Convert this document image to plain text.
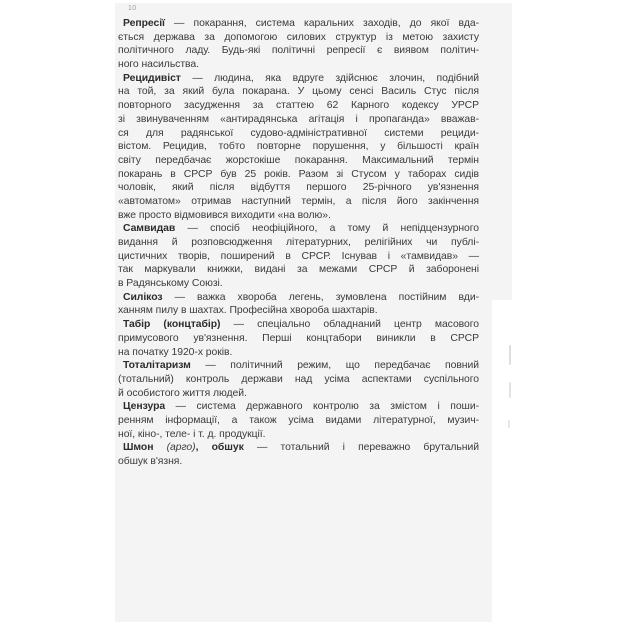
10
Репресії — покарання, система каральних заходів, до якої вда-
ється держава за допомогою силових структур із метою захисту
політичного ладу. Будь-які політичні репресії є виявом політич-
ного насильства.
Рецидивіст — людина, яка вдруге здійснює злочин, подібний
на той, за який була покарана. У цьому сенсі Василь Стус після
повторного засудження за статтею 62 Карного кодексу УРСР
зі звинуваченням «антирадянська агітація і пропаганда» вважав-
ся для радянської судово-адміністративної системи рециди-
вістом. Рецидив, тобто повторне порушення, у більшості країн
світу передбачає жорстокіше покарання. Максимальний термін
покарань в СРСР був 25 років. Разом зі Стусом у таборах сидів
чоловік, який після відбуття першого 25-річного ув'язнення
«автоматом» отримав наступний термін, а після його закінчення
вже просто відмовився виходити «на волю».
Самвидав — спосіб неофіційного, а тому й непідцензурного
видання й розповсюдження літературних, релігійних чи публі-
цистичних творів, поширений в СРСР. Існував і «тамвидав» —
так маркували книжки, видані за межами СРСР й заборонені
в Радянському Союзі.
Силікоз — важка хвороба легень, зумовлена постійним вди-
ханням пилу в шахтах. Професійна хвороба шахтарів.
Табір (концтабір) — спеціально обладнаний центр масового
примусового ув'язнення. Перші концтабори виникли в СРСР
на початку 1920-х років.
Тоталітаризм — політичний режим, що передбачає повний
(тотальний) контроль держави над усіма аспектами суспільного
й особистого життя людей.
Цензура — система державного контролю за змістом і поши-
ренням інформації, а також усіма видами літературної, музич-
ної, кіно-, теле- і т. д. продукції.
Шмон (арго), обшук — тотальний і переважно брутальний
обшук в'язня.
